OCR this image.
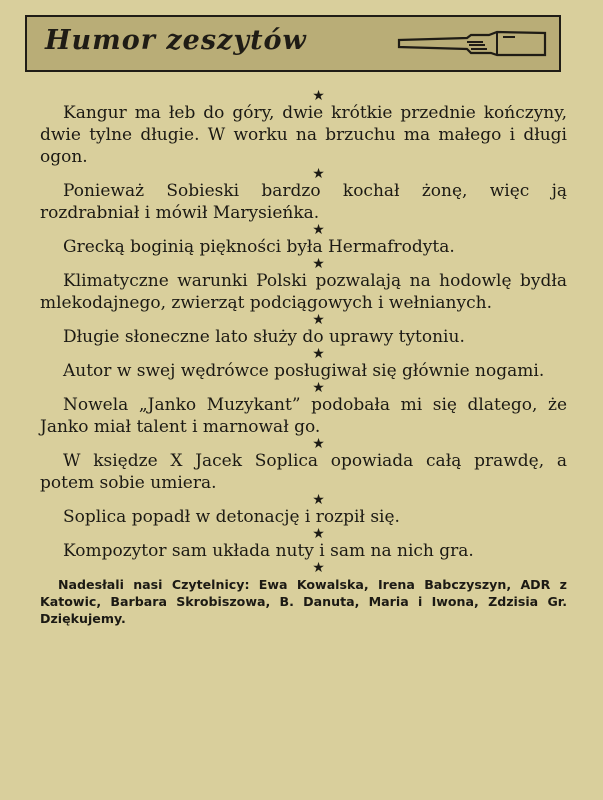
Humor zeszytów
★

Kangur ma łeb do góry, dwie krótkie przednie kończyny, dwie tylne długie. W worku na brzuchu ma małego i długi ogon.

★

Ponieważ Sobieski bardzo kochał żonę, więc ją rozdrabniał i mówił Marysieńka.

★

Grecką boginią piękności była Hermafrodyta.

★

Klimatyczne warunki Polski pozwalają na hodowlę bydła mlekodajnego, zwierząt podciągowych i wełnianych.

★

Długie słoneczne lato służy do uprawy tytoniu.

★

Autor w swej wędrówce posługiwał się głównie nogami.

★

Nowela „Janko Muzykant” podobała mi się dlatego, że Janko miał talent i marnował go.

★

W księdze X Jacek Soplica opowiada całą prawdę, a potem sobie umiera.

★

Soplica popadł w detonację i rozpił się.

★

Kompozytor sam układa nuty i sam na nich gra.

★

Nadesłali nasi Czytelnicy: Ewa Kowalska, Irena Babczyszyn, ADR z Katowic, Barbara Skrobiszowa, B. Danuta, Maria i Iwona, Zdzisia Gr. Dziękujemy.
